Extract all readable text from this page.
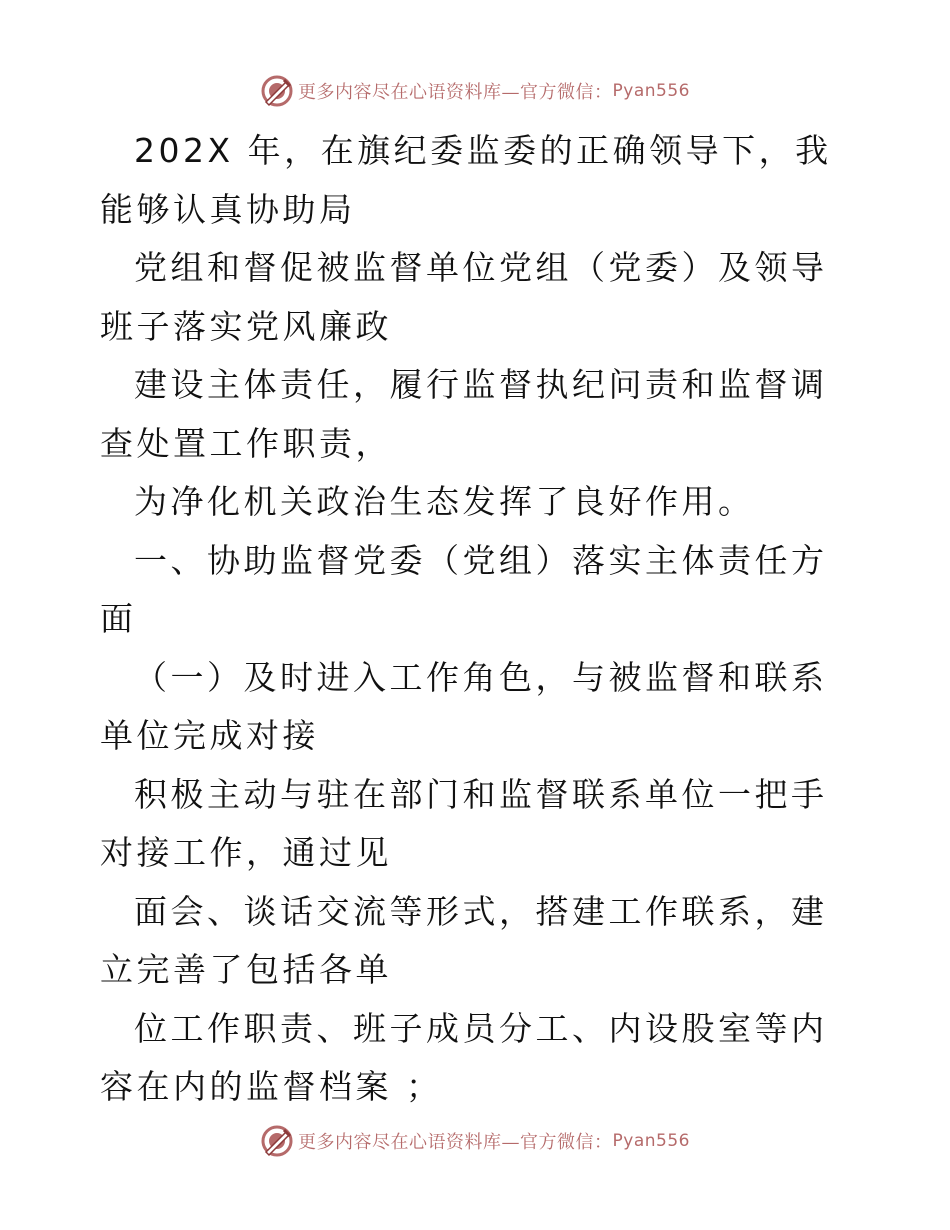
更多内容尽在心语资料库—官方微信： Pyan556

202X 年，在旗纪委监委的正确领导下，我能够认真协助局

党组和督促被监督单位党组（党委）及领导班子落实党风廉政

建设主体责任，履行监督执纪问责和监督调查处置工作职责，

为净化机关政治生态发挥了良好作用。

一、协助监督党委（党组）落实主体责任方面

（一）及时进入工作角色，与被监督和联系单位完成对接

积极主动与驻在部门和监督联系单位一把手对接工作，通过见

面会、谈话交流等形式，搭建工作联系，建立完善了包括各单

位工作职责、班子成员分工、内设股室等内容在内的监督档案 ；

更多内容尽在心语资料库—官方微信： Pyan556
